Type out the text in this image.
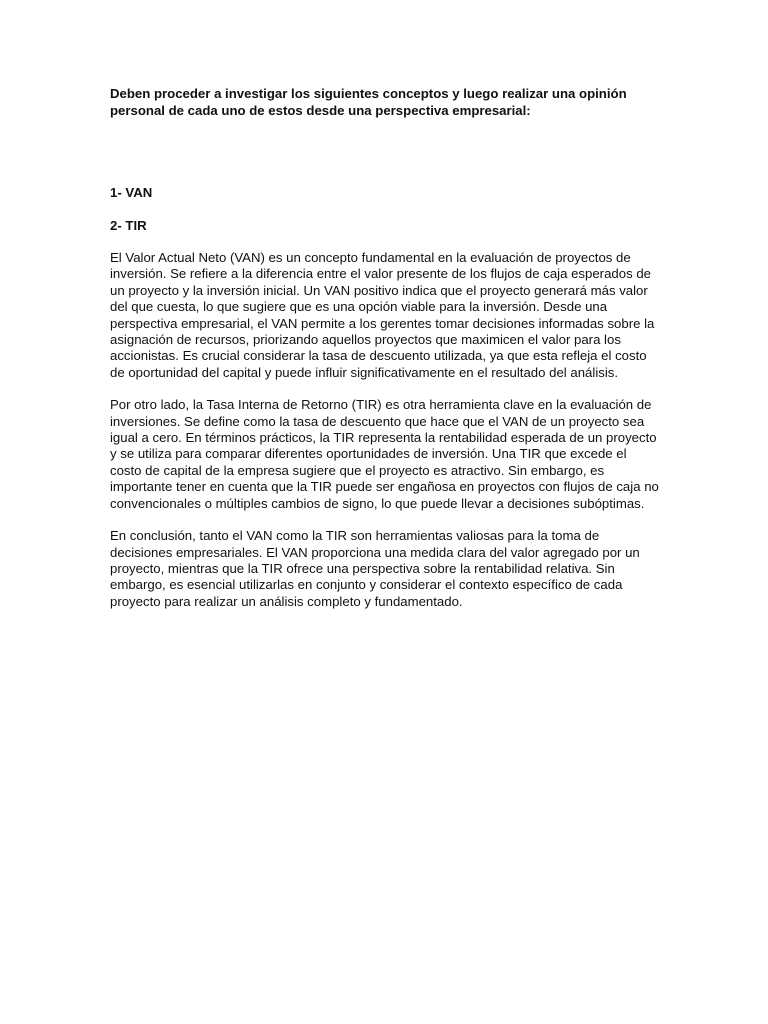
Deben proceder a investigar los siguientes conceptos y luego realizar una opinión personal de cada uno de estos desde una perspectiva empresarial:

1- VAN

2- TIR

El Valor Actual Neto (VAN) es un concepto fundamental en la evaluación de proyectos de inversión. Se refiere a la diferencia entre el valor presente de los flujos de caja esperados de un proyecto y la inversión inicial. Un VAN positivo indica que el proyecto generará más valor del que cuesta, lo que sugiere que es una opción viable para la inversión. Desde una perspectiva empresarial, el VAN permite a los gerentes tomar decisiones informadas sobre la asignación de recursos, priorizando aquellos proyectos que maximicen el valor para los accionistas. Es crucial considerar la tasa de descuento utilizada, ya que esta refleja el costo de oportunidad del capital y puede influir significativamente en el resultado del análisis.

Por otro lado, la Tasa Interna de Retorno (TIR) es otra herramienta clave en la evaluación de inversiones. Se define como la tasa de descuento que hace que el VAN de un proyecto sea igual a cero. En términos prácticos, la TIR representa la rentabilidad esperada de un proyecto y se utiliza para comparar diferentes oportunidades de inversión. Una TIR que excede el costo de capital de la empresa sugiere que el proyecto es atractivo. Sin embargo, es importante tener en cuenta que la TIR puede ser engañosa en proyectos con flujos de caja no convencionales o múltiples cambios de signo, lo que puede llevar a decisiones subóptimas.

En conclusión, tanto el VAN como la TIR son herramientas valiosas para la toma de decisiones empresariales. El VAN proporciona una medida clara del valor agregado por un proyecto, mientras que la TIR ofrece una perspectiva sobre la rentabilidad relativa. Sin embargo, es esencial utilizarlas en conjunto y considerar el contexto específico de cada proyecto para realizar un análisis completo y fundamentado.
